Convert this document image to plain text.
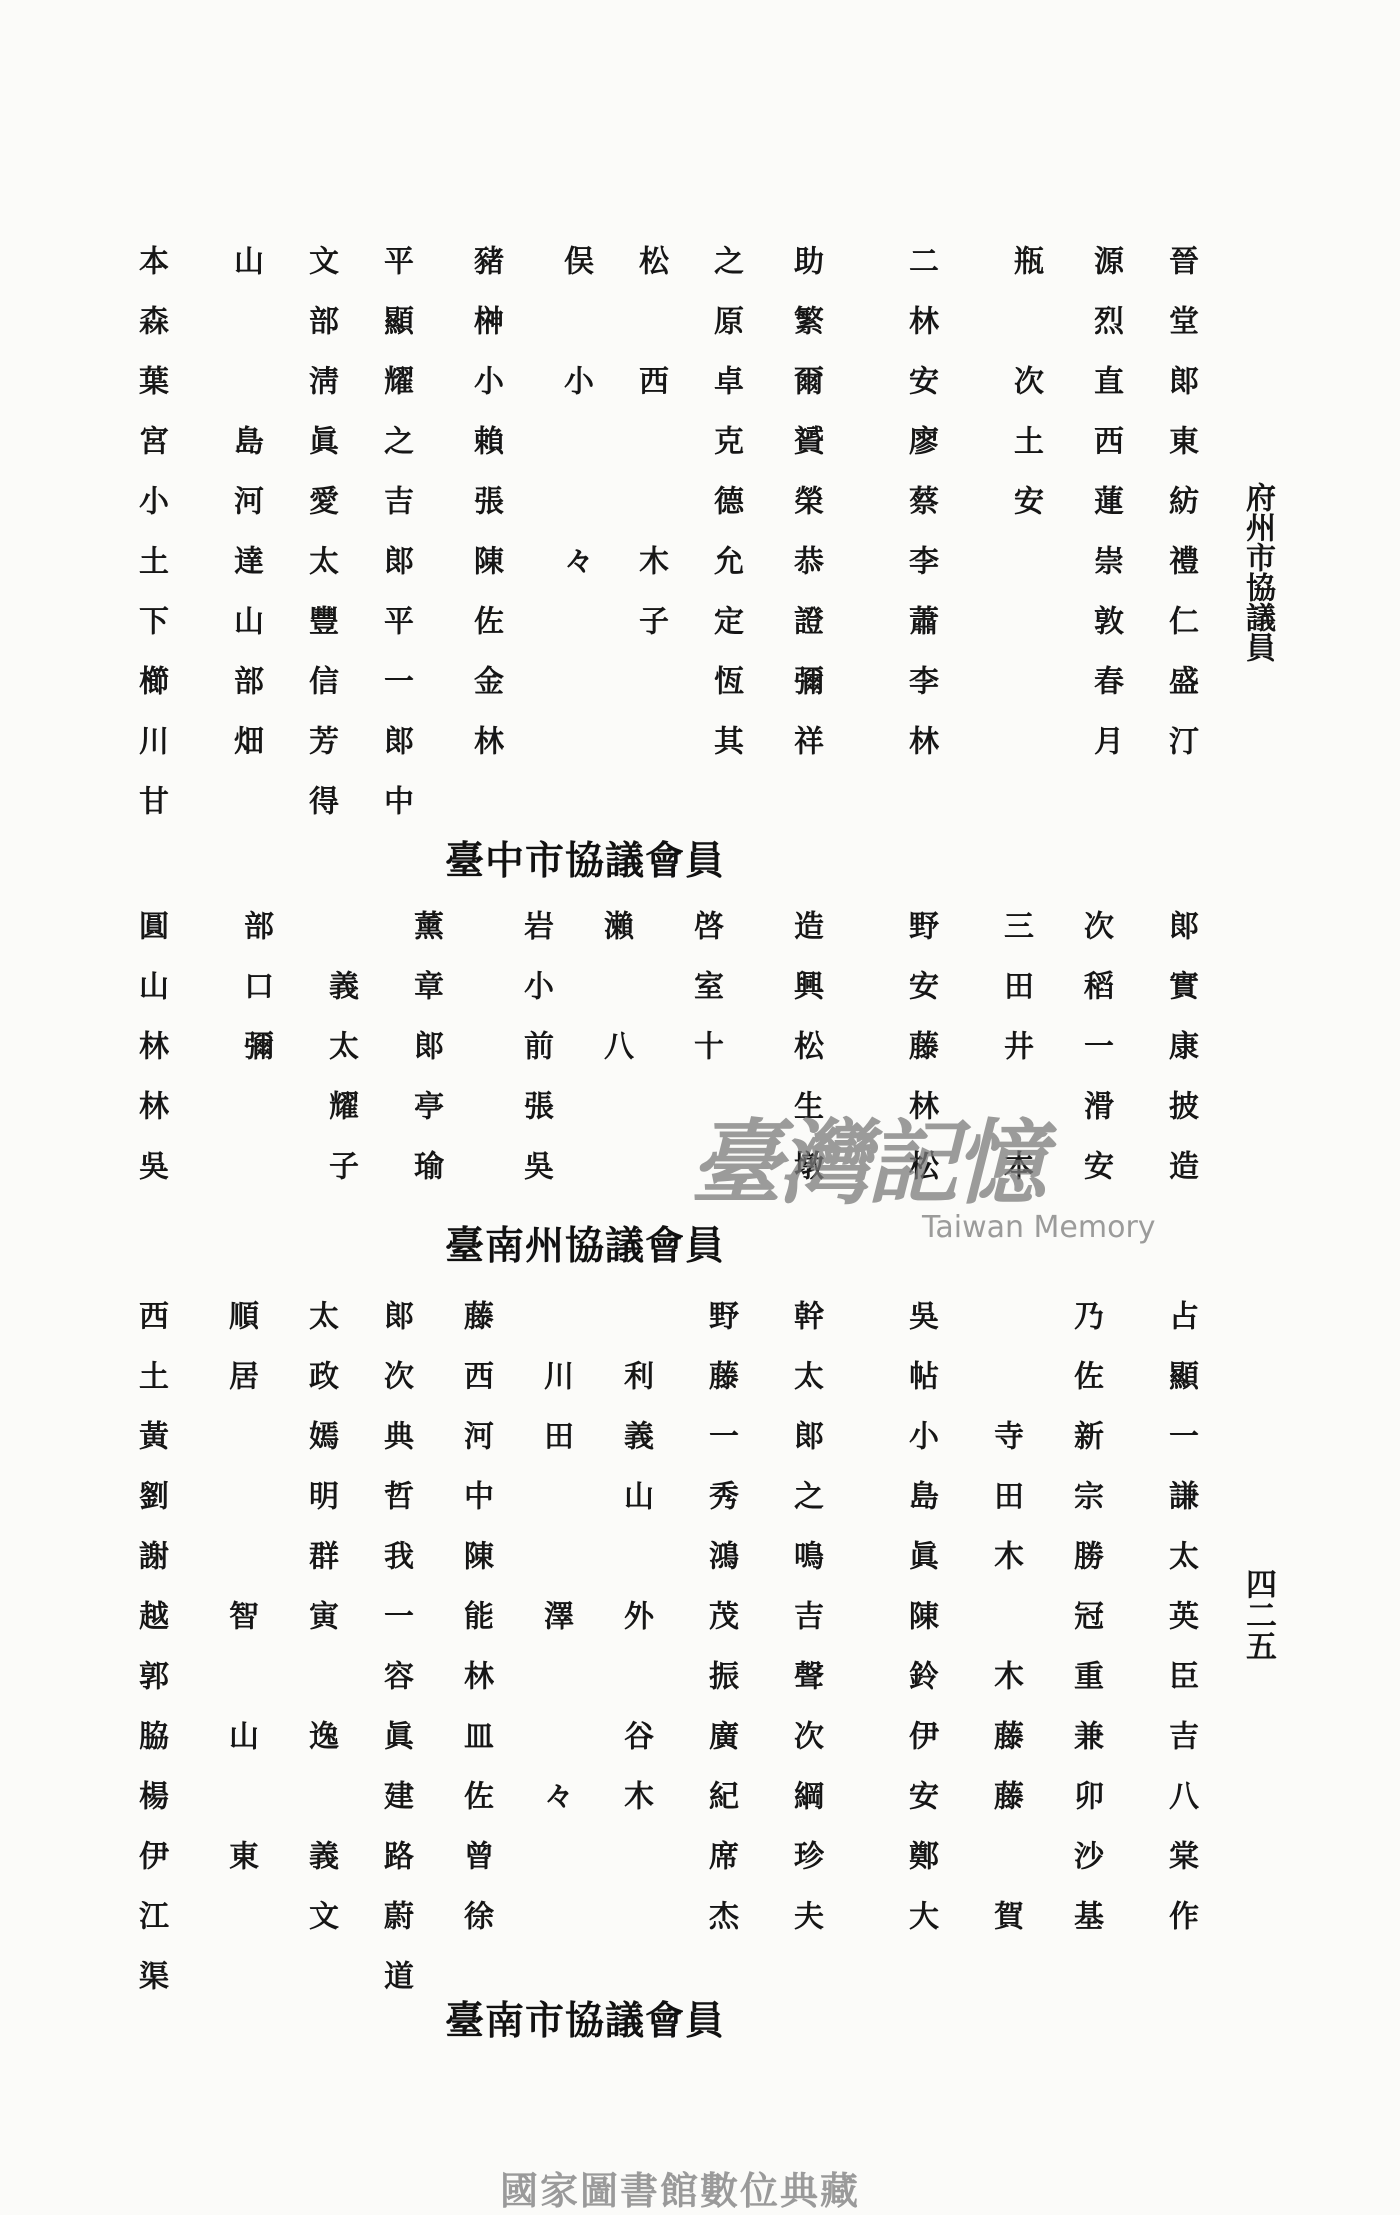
府州市協議員
四二五
晉　堂　郞　東　紡　禮　仁　盛　汀
源　烈　直　西　蓮　崇　敦　春　月
瓶　　　次　土　安
二　林　安　廖　蔡　李　蕭　李　林
助　繁　爾　贇　榮　恭　證　彌　祥
之　原　卓　克　德　允　定　恆　其
松　　　西　　　　　木　子
俣　　　小　　　　　々
豬　榊　小　賴　張　陳　佐　金　林
平　顯　耀　之　吉　郞　平　一　郞　中
文　部　淸　眞　愛　太　豐　信　芳　得
山　　　　　島　河　達　山　部　畑
本　森　葉　宮　小　土　下　櫛　川　甘
臺中市協議會員
郞　實　康　披　造
次　稻　一　滑　安
三　田　井　　　本
野　安　藤　林　松
造　興　松　生　墩
啓　室　十　　　　
瀨　　　八　　　
岩　小　前　張　吳
薰　章　郞　亭　瑜
　　義　太　耀　子
部　口　彌　　　
圓　山　林　林　吳
臺南州協議會員
占　顯　一　謙　太　英　臣　吉　八　棠　作
乃　佐　新　宗　勝　冠　重　兼　卯　沙　基
　　　　寺　田　木　　　木　藤　藤　　　賀
吳　帖　小　島　眞　陳　鈴　伊　安　鄭　大
幹　太　郞　之　鳴　吉　聲　次　綱　珍　夫
野　藤　一　秀　鴻　茂　振　廣　紀　席　杰
　　利　義　山　　　外　　　谷　木
　　川　田　　　　　澤　　　　　々
藤　西　河　中　陳　能　林　皿　佐　曾　徐
郞　次　典　哲　我　一　容　眞　建　路　蔚　道
太　政　嫣　明　群　寅　　　逸　　　義　文
順　居　　　　　　　智　　　山　　　東
西　土　黃　劉　謝　越　郭　脇　楊　伊　江　渠
臺南市協議會員
臺灣記憶
Taiwan Memory
國家圖書館數位典藏
